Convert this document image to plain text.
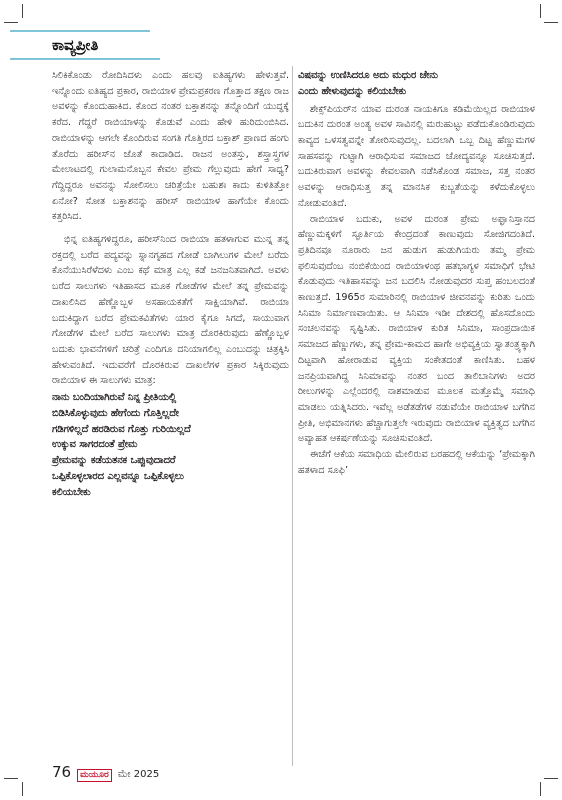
ಕಾವ್ಯಪ್ರೀತಿ

ಸಿಲಿಕಿಕೊಂಡು ರೋದಿಸಿದಳು ಎಂದು ಹಲವು ಐತಿಹ್ಯಗಳು ಹೇಳುತ್ತವೆ. ಇನ್ನೊಂದು ಐತಿಹ್ಯದ ಪ್ರಕಾರ, ರಾಬಿಯಾಳ ಪ್ರೇಮಪ್ರಕರಣ ಗೊತ್ತಾದ ತಕ್ಷಣ ರಾಜ ಅವಳನ್ನು ಕೊಂದುಹಾಕಿದ. ಕೊಂದ ನಂತರ ಬಕ್ತಾಶನನ್ನು ತನ್ನೊಂದಿಗೆ ಯುದ್ಧಕ್ಕೆ ಕರೆದ. ಗೆದ್ದರೆ ರಾಬಿಯಾಳನ್ನು ಕೊಡುವೆ ಎಂದು ಹೇಳಿ ಹುರಿದುಂಬಿಸಿದ. ರಾಬಿಯಾಳನ್ನು ಆಗಲೇ ಕೊಂದಿರುವ ಸಂಗತಿ ಗೊತ್ತಿರದ ಬಕ್ತಾಶ್ ಪ್ರಾಣದ ಹಂಗು ತೊರೆದು ಹರೀಸ್‌ನ ಜೊತೆ ಕಾದಾಡಿದ. ರಾಜನ ಅಂತಸ್ತು, ಶಸ್ತ್ರಾಸ್ತ್ರಗಳ ಮೇಲಾಟದಲ್ಲಿ ಗುಲಾಮನೊಬ್ಬನ ಕೇವಲ ಪ್ರೇಮ ಗೆಲ್ಲುವುದು ಹೇಗೆ ಸಾಧ್ಯ? ಗೆದ್ದಿದ್ದರೂ ಅವನನ್ನು ಸೋಲಿಸಲು ಚರಿತ್ರೆಯೇ ಬಹುಶಃ ಕಾದು ಕುಳಿತಿತ್ತೋ ಏನೋ? ಸೋತ ಬಕ್ತಾಶನನ್ನು ಹರೀಸ್ ರಾಬಿಯಾಳ ಹಾಗೆಯೇ ಕೊಂದು ಕತ್ತರಿಸಿದ.

ಭಿನ್ನ ಐತಿಹ್ಯಗಳಿದ್ದರೂ, ಹರೀಸ್‌ನಿಂದ ರಾಬಿಯಾ ಹತಳಾಗುವ ಮುನ್ನ ತನ್ನ ರಕ್ತದಲ್ಲಿ ಬರೆದ ಪದ್ಯವನ್ನು ಸ್ನಾನಗೃಹದ ಗೋಡೆ ಬಾಗಿಲುಗಳ ಮೇಲೆ ಬರೆದು ಕೊನೆಯುಸಿರೆಳೆದಳು ಎಂಬ ಕಥೆ ಮಾತ್ರ ಎಲ್ಲ ಕಡೆ ಜನಜನಿತವಾಗಿದೆ. ಅವಳು ಬರೆದ ಸಾಲುಗಳು ಇತಿಹಾಸದ ಮೂಕ ಗೋಡೆಗಳ ಮೇಲೆ ತನ್ನ ಪ್ರೇಮವನ್ನು ದಾಖಲಿಸಿದ ಹೆಣ್ಣೊಬ್ಬಳ ಅಸಹಾಯಕತೆಗೆ ಸಾಕ್ಷಿಯಾಗಿವೆ. ರಾಬಿಯಾ ಬದುಕಿದ್ದಾಗ ಬರೆದ ಪ್ರೇಮಕವಿತೆಗಳು ಯಾರ ಕೈಗೂ ಸಿಗದೆ, ಸಾಯುವಾಗ ಗೋಡೆಗಳ ಮೇಲೆ ಬರೆದ ಸಾಲುಗಳು ಮಾತ್ರ ದೊರಕಿರುವುದು ಹೆಣ್ಣೊಬ್ಬಳ ಬದುಕು ಭಾವನೆಗಳಿಗೆ ಚರಿತ್ರೆ ಎಂದಿಗೂ ದನಿಯಾಗಲಿಲ್ಲ ಎಂಬುದನ್ನು ಚಿತ್ರಕ್ಕಿಸಿ ಹೇಳುವಂತಿದೆ. ಇದುವರೆಗೆ ದೊರಕಿರುವ ದಾಖಲೆಗಳ ಪ್ರಕಾರ ಸಿಕ್ಕಿರುವುದು ರಾಬಿಯಾಳ ಈ ಸಾಲುಗಳು ಮಾತ್ರ:

ನಾನು ಬಂದಿಯಾಗಿರುವೆ ನಿನ್ನ ಪ್ರೀತಿಯಲ್ಲಿ
ಬಿಡಿಸಿಕೊಳ್ಳುವುದು ಹೇಗೆಂದು ಗೊತ್ತಿಲ್ಲದೇ
ಗಡಿಗಳಿಲ್ಲದೆ ಹರಡಿರುವ ಗೊತ್ತು ಗುರಿಯಿಲ್ಲದೆ
ಉಕ್ಕುವ ಸಾಗರದಂತೆ ಪ್ರೇಮ
ಪ್ರೇಮವನ್ನು ಕಡೆಯತನಕ ಒಪ್ಪುವುದಾದರೆ
ಒಪ್ಪಿಕೊಳ್ಳಲಾರದ ಎಲ್ಲವನ್ನೂ ಒಪ್ಪಿಕೊಳ್ಳಲು
ಕಲಿಯಬೇಕು
ವಿಷವನ್ನು ಉಣಿಸಿದರೂ ಅದು ಮಧುರ ಜೇನು
ಎಂದು ಹೇಳುವುದನ್ನು ಕಲಿಯಬೇಕು

ಶೇಕ್ಸ್‌ಪಿಯರ್‌ನ ಯಾವ ದುರಂತ ನಾಯಕಿಗೂ ಕಡಿಮೆಯಿಲ್ಲದ ರಾಬಿಯಾಳ ಬದುಕಿನ ದುರಂತ ಅಂತ್ಯ ಅವಳ ಸಾವಿನಲ್ಲಿ ಮರುಹುಟ್ಟು ಪಡೆದುಕೊಂಡಿರುವುದು ಕಾವ್ಯದ ಒಳಸತ್ವವನ್ನೇ ತೋರಿಸುವುದಲ್ಲ. ಬದಲಾಗಿ ಒಬ್ಬ ದಿಟ್ಟ ಹೆಣ್ಣುಮಗಳ ಸಾಹಸವನ್ನು ಗುಟ್ಟಾಗಿ ಆರಾಧಿಸುವ ಸಮಾಜದ ಚೋದ್ಯವನ್ನೂ ಸೂಚಿಸುತ್ತದೆ. ಬದುಕಿರುವಾಗ ಅವಳನ್ನು ಕೇವಲವಾಗಿ ನಡೆಸಿಕೊಂಡ ಸಮಾಜ, ಸತ್ತ ನಂತರ ಅವಳನ್ನು ಆರಾಧಿಸುತ್ತ ತನ್ನ ಮಾನಸಿಕ ಕುಬ್ಜತೆಯನ್ನು ಕಳೆದುಕೊಳ್ಳಲು ನೋಡುವಂತಿದೆ.

ರಾಬಿಯಾಳ ಬದುಕು, ಅವಳ ದುರಂತ ಪ್ರೇಮ ಅಫ್ಘಾನಿಸ್ತಾನದ ಹೆಣ್ಣುಮಕ್ಕಳಿಗೆ ಸ್ಫೂರ್ತಿಯ ಕೇಂದ್ರದಂತೆ ಕಾಣುವುದು ಸೋಜಿಗದಂತಿದೆ. ಪ್ರತಿದಿನವೂ ನೂರಾರು ಜನ ಹುಡುಗ ಹುಡುಗಿಯರು ತಮ್ಮ ಪ್ರೇಮ ಫಲಿಸುವುದೆಂಬ ನಂಬಿಕೆಯಿಂದ ರಾಬಿಯಾಳಂಥ ಹತಭಾಗ್ಯಳ ಸಮಾಧಿಗೆ ಭೇಟಿ ಕೊಡುವುದು ಇತಿಹಾಸವನ್ನು ಜನ ಬದಲಿಸಿ ನೋಡುವುದರ ಸುಪ್ತ ಹಂಬಲದಂತೆ ಕಾಣುತ್ತದೆ. 1965ರ ಸುಮಾರಿನಲ್ಲಿ ರಾಬಿಯಾಳ ಜೀವನವನ್ನು ಕುರಿತು ಒಂದು ಸಿನಿಮಾ ನಿರ್ಮಾಣವಾಯಿತು. ಆ ಸಿನಿಮಾ ಇಡೀ ದೇಶದಲ್ಲಿ ಹೊಸದೊಂದು ಸಂಚಲನವನ್ನು ಸೃಷ್ಟಿಸಿತು. ರಾಬಿಯಾಳ ಕುರಿತ ಸಿನಿಮಾ, ಸಾಂಪ್ರದಾಯಿಕ ಸಮಾಜದ ಹೆಣ್ಣುಗಳು, ತನ್ನ ಪ್ರೇಮ-ಕಾಮದ ಹಾಗೇ ಅಭಿವ್ಯಕ್ತಿಯ ಸ್ವಾತಂತ್ರ್ಯಕ್ಕಾಗಿ ದಿಟ್ಟವಾಗಿ ಹೋರಾಡುವ ವ್ಯಕ್ತಿಯ ಸಂಕೇತದಂತೆ ಕಾಣಿಸಿತು. ಬಹಳ ಜನಪ್ರಿಯವಾಗಿದ್ದ ಸಿನಿಮಾವನ್ನು ನಂತರ ಬಂದ ತಾಲಿಬಾನಿಗಳು ಅದರ ರೀಲುಗಳನ್ನು ಎಲ್ಲೆಂದರಲ್ಲಿ ನಾಶಮಾಡುವ ಮೂಲಕ ಮತ್ತೊಮ್ಮೆ ಸಮಾಧಿ ಮಾಡಲು ಯತ್ನಿಸಿದರು. ಇವೆಲ್ಲ ಅಡೆತಡೆಗಳ ನಡುವೆಯೇ ರಾಬಿಯಾಳ ಬಗೆಗಿನ ಪ್ರೀತಿ, ಅಭಿಮಾನಗಳು ಹೆಚ್ಚಾಗುತ್ತಲೇ ಇರುವುದು ರಾಬಿಯಾಳ ವ್ಯಕ್ತಿತ್ವದ ಬಗೆಗಿನ ಅವ್ಯಾಹತ ಆಕರ್ಷಣೆಯನ್ನು ಸೂಚಿಸುವಂತಿದೆ.

ಈಚೆಗೆ ಆಕೆಯ ಸಮಾಧಿಯ ಮೇಲಿರುವ ಬರಹದಲ್ಲಿ ಆಕೆಯನ್ನು ‘ಪ್ರೇಮಕ್ಕಾಗಿ ಹತಳಾದ ಸೂಫಿ’

76	ಮಯೂರ ಮೇ 2025
